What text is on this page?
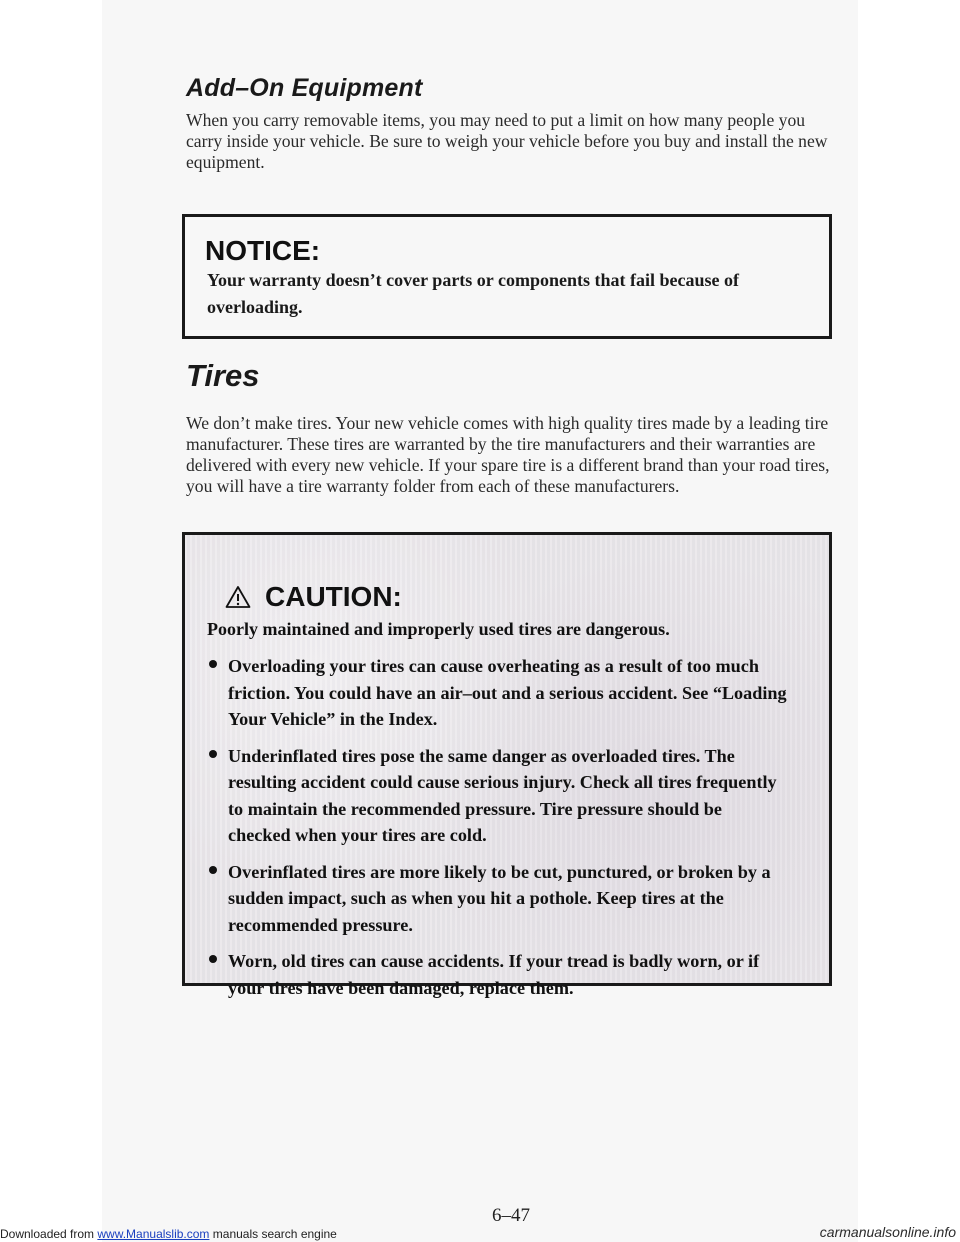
Add–On Equipment

When you carry removable items, you may need to put a limit on how many people you carry inside your vehicle. Be sure to weigh your vehicle before you buy and install the new equipment.

NOTICE:

Your warranty doesn’t cover parts or components that fail because of overloading.

Tires

We don’t make tires. Your new vehicle comes with high quality tires made by a leading tire manufacturer. These tires are warranted by the tire manufacturers and their warranties are delivered with every new vehicle. If your spare tire is a different brand than your road tires, you will have a tire warranty folder from each of these manufacturers.

CAUTION:

Poorly maintained and improperly used tires are dangerous.

Overloading your tires can cause overheating as a result of too much friction. You could have an air–out and a serious accident. See “Loading Your Vehicle” in the Index.
Underinflated tires pose the same danger as overloaded tires. The resulting accident could cause serious injury. Check all tires frequently to maintain the recommended pressure. Tire pressure should be checked when your tires are cold.
Overinflated tires are more likely to be cut, punctured, or broken by a sudden impact, such as when you hit a pothole. Keep tires at the recommended pressure.
Worn, old tires can cause accidents. If your tread is badly worn, or if your tires have been damaged, replace them.

6–47

Downloaded from www.Manualslib.com manuals search engine	carmanualsonline.info
